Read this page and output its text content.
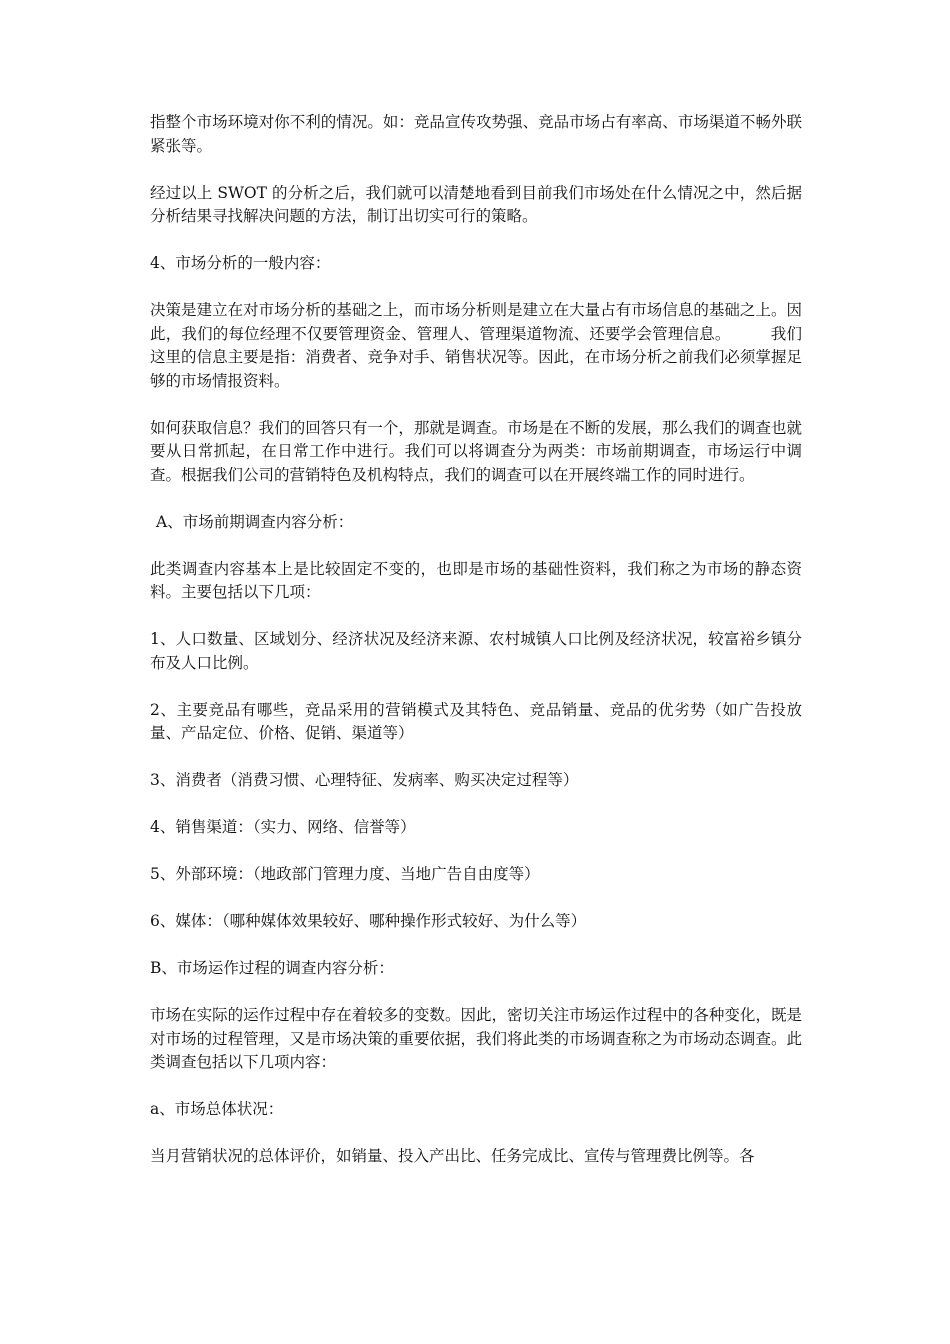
指整个市场环境对你不利的情况。如：竞品宣传攻势强、竞品市场占有率高、市场渠道不畅外联紧张等。

经过以上 SWOT 的分析之后，我们就可以清楚地看到目前我们市场处在什么情况之中，然后据分析结果寻找解决问题的方法，制订出切实可行的策略。

4、市场分析的一般内容：

决策是建立在对市场分析的基础之上，而市场分析则是建立在大量占有市场信息的基础之上。因此，我们的每位经理不仅要管理资金、管理人、管理渠道物流、还要学会管理信息。	我们这里的信息主要是指：消费者、竞争对手、销售状况等。因此，在市场分析之前我们必须掌握足够的市场情报资料。

如何获取信息？我们的回答只有一个，那就是调查。市场是在不断的发展，那么我们的调查也就要从日常抓起，在日常工作中进行。我们可以将调查分为两类：市场前期调查，市场运行中调查。根据我们公司的营销特色及机构特点，我们的调查可以在开展终端工作的同时进行。

A、市场前期调查内容分析：

此类调查内容基本上是比较固定不变的，也即是市场的基础性资料，我们称之为市场的静态资料。主要包括以下几项：

1、人口数量、区域划分、经济状况及经济来源、农村城镇人口比例及经济状况，较富裕乡镇分布及人口比例。

2、主要竞品有哪些，竞品采用的营销模式及其特色、竞品销量、竞品的优劣势（如广告投放量、产品定位、价格、促销、渠道等）

3、消费者（消费习惯、心理特征、发病率、购买决定过程等）

4、销售渠道：（实力、网络、信誉等）

5、外部环境：（地政部门管理力度、当地广告自由度等）

6、媒体：（哪种媒体效果较好、哪种操作形式较好、为什么等）

B、市场运作过程的调查内容分析：

市场在实际的运作过程中存在着较多的变数。因此，密切关注市场运作过程中的各种变化，既是对市场的过程管理，又是市场决策的重要依据，我们将此类的市场调查称之为市场动态调查。此类调查包括以下几项内容：

a、市场总体状况：

当月营销状况的总体评价，如销量、投入产出比、任务完成比、宣传与管理费比例等。各
